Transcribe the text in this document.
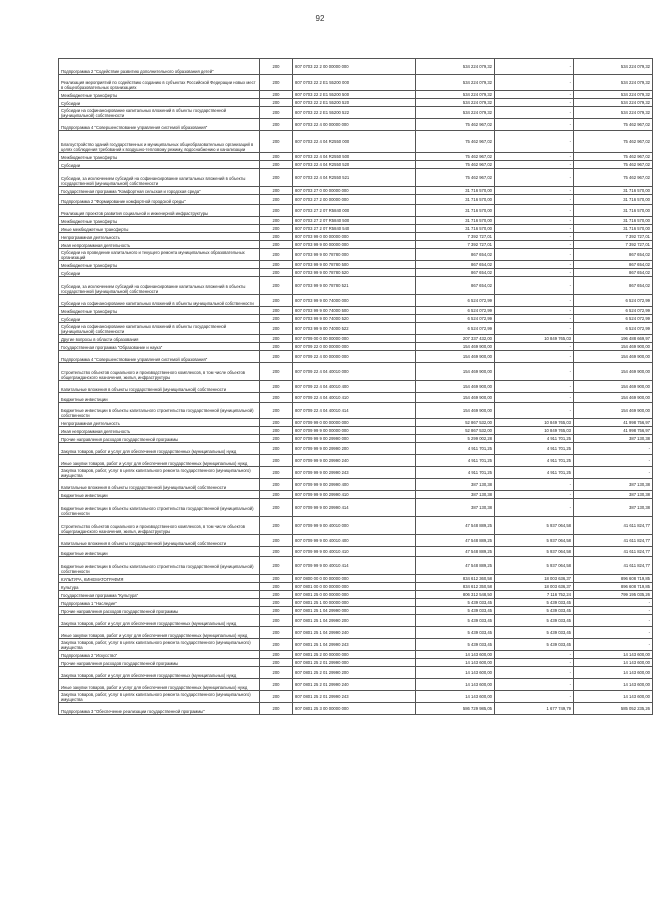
92
Подпрограмма 2 "Содействие развитию дополнительного образования детей"	200	807 0703 22 2 00 00000 000	534 224 079,32	-	534 224 079,32
Реализация мероприятий по содействию созданию в субъектах Российской Федерации новых мест в общеобразовательных организациях	200	807 0703 22 2 Е1 55200 000	534 224 079,32	-	534 224 079,32
Межбюджетные трансферты	200	807 0703 22 2 Е1 55200 500	534 224 079,32	-	534 224 079,32
Субсидии	200	807 0703 22 2 Е1 55200 520	534 224 079,32	-	534 224 079,32
Субсидии на софинансирование капитальных вложений в объекты государственной (муниципальной) собственности	200	807 0703 22 2 Е1 55200 522	534 224 079,32	-	534 224 079,32
Подпрограмма 4 "Совершенствование управления системой образования"	200	807 0703 22 4 00 00000 000	75 462 967,02	-	75 462 967,02
Благоустройство зданий государственных и муниципальных общеобразовательных организаций в целях соблюдения требований к воздушно-тепловому режиму, водоснабжению и канализации	200	807 0703 22 4 04 R2550 000	75 462 967,02	-	75 462 967,02
Межбюджетные трансферты	200	807 0703 22 4 04 R2550 500	75 462 967,02	-	75 462 967,02
Субсидии	200	807 0703 22 4 04 R2550 520	75 462 967,02	-	75 462 967,02
Субсидии, за исключением субсидий на софинансирование капитальных вложений в объекты государственной (муниципальной) собственности	200	807 0703 22 4 04 R2550 521	75 462 967,02	-	75 462 967,02
Государственная программа "Комфортная сельская и городская среда"	200	807 0703 27 0 00 00000 000	31 716 570,00	-	31 716 570,00
Подпрограмма 2 "Формирование комфортной городской среды"	200	807 0703 27 2 00 00000 000	31 716 570,00	-	31 716 570,00
Реализация проектов развития социальной и инженерной инфраструктуры	200	807 0703 27 2 07 R5840 000	31 716 570,00	-	31 716 570,00
Межбюджетные трансферты	200	807 0703 27 2 07 R5840 500	31 716 570,00	-	31 716 570,00
Иные межбюджетные трансферты	200	807 0703 27 2 07 R5840 540	31 716 570,00	-	31 716 570,00
Непрограммная деятельность	200	807 0703 99 0 00 00000 000	7 392 727,01	-	7 392 727,01
Иная непрограммная деятельность	200	807 0703 99 9 00 00000 000	7 392 727,01	-	7 392 727,01
Субсидии на проведение капитального и текущего ремонта муниципальных образовательных организаций	200	807 0703 99 9 00 78780 000	867 654,02	-	867 654,02
Межбюджетные трансферты	200	807 0703 99 9 00 78780 500	867 654,02	-	867 654,02
Субсидии	200	807 0703 99 9 00 78780 520	867 654,02	-	867 654,02
Субсидии, за исключением субсидий на софинансирование капитальных вложений в объекты государственной (муниципальной) собственности	200	807 0703 99 9 00 78780 521	867 654,02	-	867 654,02
Субсидии на софинансирование капитальных вложений в объекты муниципальной собственности	200	807 0703 99 9 00 74000 000	6 524 072,99	-	6 524 072,99
Межбюджетные трансферты	200	807 0703 99 9 00 74000 500	6 524 072,99	-	6 524 072,99
Субсидии	200	807 0703 99 9 00 74000 520	6 524 072,99	-	6 524 072,99
Субсидии на софинансирование капитальных вложений в объекты государственной (муниципальной) собственности	200	807 0703 99 9 00 74000 522	6 524 072,99	-	6 524 072,99
Другие вопросы в области образования	200	807 0709 00 0 00 00000 000	207 337 432,00	10 849 765,03	196 488 669,97
Государственная программа "Образование и наука"	200	807 0709 22 0 00 00000 000	154 469 900,00	-	154 469 900,00
Подпрограмма 4 "Совершенствование управления системой образования"	200	807 0709 22 4 00 00000 000	154 469 900,00	-	154 469 900,00
Строительство объектов социального и производственного комплексов, в том числе объектов общегражданского назначения, жилья, инфраструктуры	200	807 0709 22 4 04 40010 000	154 469 900,00	-	154 469 900,00
Капитальные вложения в объекты государственной (муниципальной) собственности	200	807 0709 22 4 04 40010 400	154 469 900,00	-	154 469 900,00
Бюджетные инвестиции	200	807 0709 22 4 04 40010 410	154 469 900,00	-	154 469 900,00
Бюджетные инвестиции в объекты капитального строительства государственной (муниципальной) собственности	200	807 0709 22 4 04 40010 414	154 469 900,00	-	154 469 900,00
Непрограммная деятельность	200	807 0709 99 0 00 00000 000	52 867 532,00	10 849 765,03	41 998 756,97
Иная непрограммная деятельность	200	807 0709 99 9 00 00000 000	52 867 532,00	10 849 765,03	41 998 756,97
Прочие направления расходов государственной программы	200	807 0709 99 9 00 29990 000	5 299 002,28	4 911 701,25	387 130,38
Закупка товаров, работ и услуг для обеспечения государственных (муниципальных) нужд	200	807 0709 99 9 00 29990 200	4 911 701,25	4 911 701,25	-
Иные закупки товаров, работ и услуг для обеспечения государственных (муниципальных) нужд	200	807 0709 99 9 00 29990 240	4 911 701,25	4 911 701,25	-
Закупка товаров, работ, услуг в целях капитального ремонта государственного (муниципального) имущества	200	807 0709 99 9 00 29990 243	4 911 701,25	4 911 701,25	-
Капитальные вложения в объекты государственной (муниципальной) собственности	200	807 0709 99 9 00 29990 400	387 130,38	-	387 130,38
Бюджетные инвестиции	200	807 0709 99 9 00 29990 410	387 130,38	-	387 130,38
Бюджетные инвестиции в объекты капитального строительства государственной (муниципальной) собственности	200	807 0709 99 9 00 29990 414	387 130,38	-	387 130,38
Строительство объектов социального и производственного комплексов, в том числе объектов общегражданского назначения, жилья, инфраструктуры	200	807 0709 99 9 00 40010 000	47 548 889,25	5 937 064,58	41 611 824,77
Капитальные вложения в объекты государственной (муниципальной) собственности	200	807 0709 99 9 00 40010 400	47 548 889,25	5 937 064,58	41 611 824,77
Бюджетные инвестиции	200	807 0709 99 9 00 40010 410	47 548 889,25	5 937 064,58	41 611 824,77
Бюджетные инвестиции в объекты капитального строительства государственной (муниципальной) собственности	200	807 0709 99 9 00 40010 414	47 548 889,25	5 937 064,58	41 611 824,77
КУЛЬТУРА, КИНЕМАТОГРАФИЯ	200	807 0800 00 0 00 00000 000	834 612 360,58	18 003 636,37	896 608 719,85
Культура	200	807 0801 00 0 00 00000 000	834 612 350,58	18 003 636,37	896 608 719,85
Государственная программа "Культура"	200	807 0801 25 0 00 00000 000	806 312 548,50	7 116 752,24	799 195 035,26
Подпрограмма 1 "Наследие"	200	807 0801 25 1 00 00000 000	5 439 033,45	5 439 033,45	-
Прочие направления расходов государственной программы	200	807 0801 25 1 04 29990 000	5 439 033,45	5 439 033,45	-
Закупка товаров, работ и услуг для обеспечения государственных (муниципальных) нужд	200	807 0801 25 1 04 29990 200	5 439 033,45	5 439 033,45	-
Иные закупки товаров, работ и услуг для обеспечения государственных (муниципальных) нужд	200	807 0801 25 1 04 29990 240	5 439 033,45	5 439 033,45	-
Закупка товаров, работ, услуг в целях капитального ремонта государственного (муниципального) имущества	200	807 0801 25 1 04 29990 243	5 439 033,45	5 439 033,45	-
Подпрограмма 2 "Искусство"	200	807 0801 25 2 00 00000 000	14 143 600,00	-	14 143 600,00
Прочие направления расходов государственной программы	200	807 0801 25 2 01 29990 000	14 143 600,00	-	14 143 600,00
Закупка товаров, работ и услуг для обеспечения государственных (муниципальных) нужд	200	807 0801 25 2 01 29990 200	14 143 600,00	-	14 143 600,00
Иные закупки товаров, работ и услуг для обеспечения государственных (муниципальных) нужд	200	807 0801 25 2 01 29990 240	14 143 600,00	-	14 143 600,00
Закупка товаров, работ, услуг в целях капитального ремонта государственного (муниципального) имущества	200	807 0801 25 2 01 29990 243	14 143 600,00	-	14 143 600,00
Подпрограмма 3 "Обеспечение реализации государственной программы"	200	807 0801 25 3 00 00000 000	586 729 985,05	1 677 749,79	585 052 235,26
